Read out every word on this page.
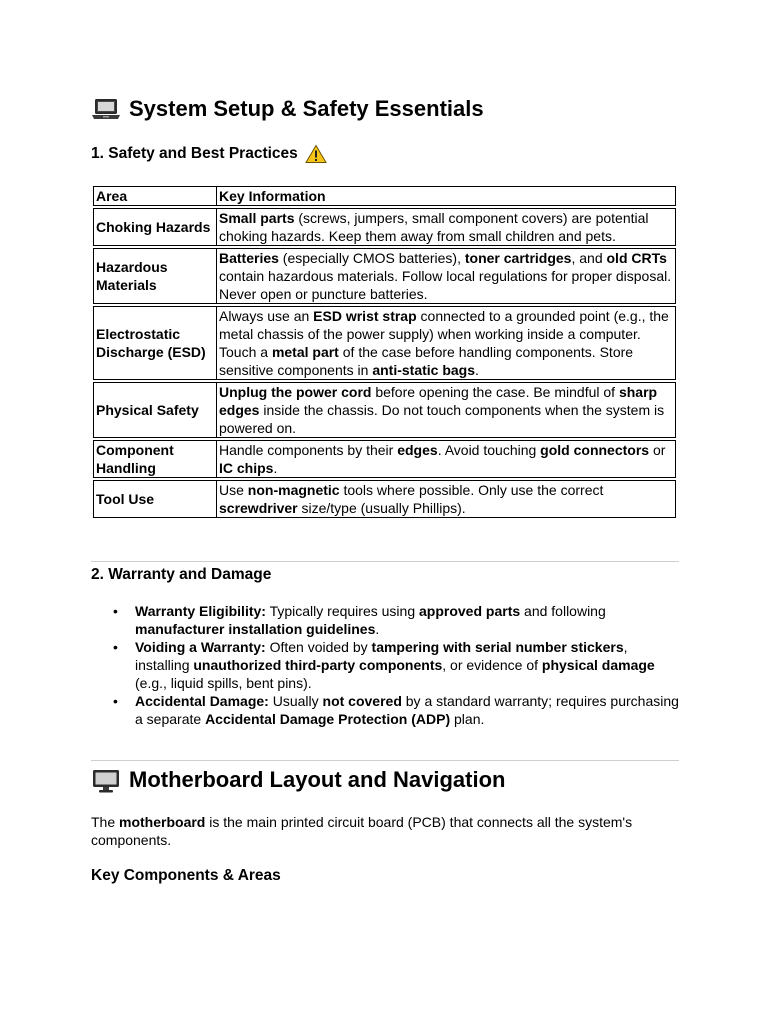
System Setup & Safety Essentials
1. Safety and Best Practices
Area	Key Information
Choking Hazards	Small parts (screws, jumpers, small component covers) are potential choking hazards. Keep them away from small children and pets.
Hazardous Materials	Batteries (especially CMOS batteries), toner cartridges, and old CRTs contain hazardous materials. Follow local regulations for proper disposal. Never open or puncture batteries.
Electrostatic Discharge (ESD)	Always use an ESD wrist strap connected to a grounded point (e.g., the metal chassis of the power supply) when working inside a computer. Touch a metal part of the case before handling components. Store sensitive components in anti-static bags.
Physical Safety	Unplug the power cord before opening the case. Be mindful of sharp edges inside the chassis. Do not touch components when the system is powered on.
Component Handling	Handle components by their edges. Avoid touching gold connectors or IC chips.
Tool Use	Use non-magnetic tools where possible. Only use the correct screwdriver size/type (usually Phillips).
2. Warranty and Damage
• Warranty Eligibility: Typically requires using approved parts and following manufacturer installation guidelines.
• Voiding a Warranty: Often voided by tampering with serial number stickers, installing unauthorized third-party components, or evidence of physical damage (e.g., liquid spills, bent pins).
• Accidental Damage: Usually not covered by a standard warranty; requires purchasing a separate Accidental Damage Protection (ADP) plan.
Motherboard Layout and Navigation

The motherboard is the main printed circuit board (PCB) that connects all the system's components.

Key Components & Areas
